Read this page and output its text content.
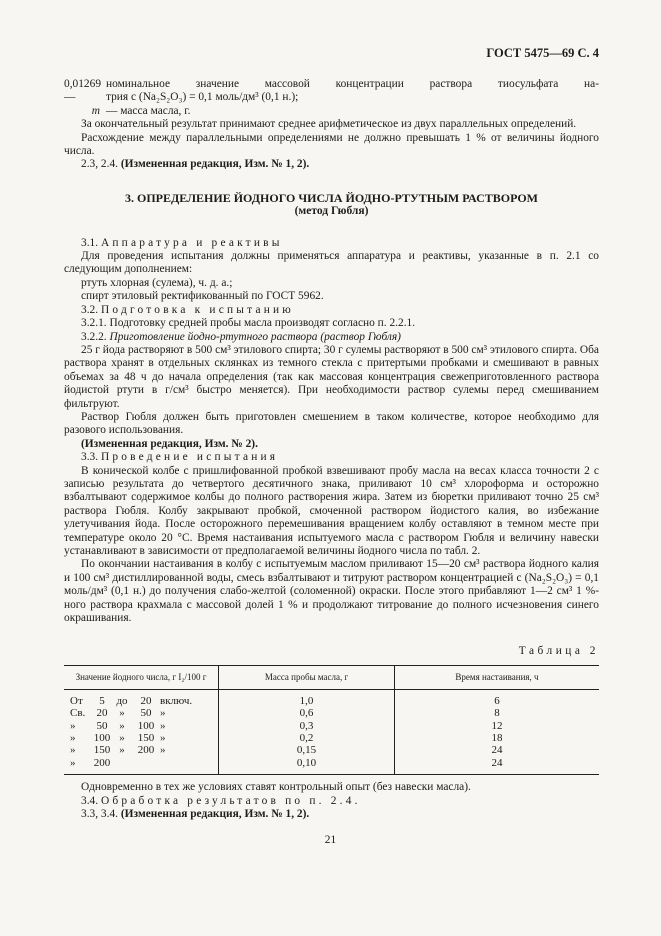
ГОСТ 5475—69 С. 4
0,01269—

номинальное значение массовой концентрации раствора тиосульфата на-

трия с (Na₂S₂O₃) = 0,1 моль/дм³ (0,1 н.);

m — масса масла, г.

За окончательный результат принимают среднее арифметическое из двух параллельных определений.

Расхождение между параллельными определениями не должно превышать 1 % от величины йодного числа.

2.3, 2.4. (Измененная редакция, Изм. № 1, 2).

3. ОПРЕДЕЛЕНИЕ ЙОДНОГО ЧИСЛА ЙОДНО-РТУТНЫМ РАСТВОРОМ
(метод Гюбля)

3.1. Аппаратура и реактивы

Для проведения испытания должны применяться аппаратура и реактивы, указанные в п. 2.1 со следующим дополнением:

ртуть хлорная (сулема), ч. д. а.;

спирт этиловый ректификованный по ГОСТ 5962.

3.2. Подготовка к испытанию

3.2.1. Подготовку средней пробы масла производят согласно п. 2.2.1.

3.2.2. Приготовление йодно-ртутного раствора (раствор Гюбля)

25 г йода растворяют в 500 см³ этилового спирта; 30 г сулемы растворяют в 500 см³ этилового спирта. Оба раствора хранят в отдельных склянках из темного стекла с притертыми пробками и смешивают в равных объемах за 48 ч до начала определения (так как массовая концентрация свежеприготовленного раствора йодистой ртути в г/см³ быстро меняется). При необходимости раствор сулемы перед смешиванием фильтруют.

Раствор Гюбля должен быть приготовлен смешением в таком количестве, которое необходимо для разового использования.

(Измененная редакция, Изм. № 2).

3.3. Проведение испытания

В конической колбе с пришлифованной пробкой взвешивают пробу масла на весах класса точности 2 с записью результата до четвертого десятичного знака, приливают 10 см³ хлороформа и осторожно взбалтывают содержимое колбы до полного растворения жира. Затем из бюретки приливают точно 25 см³ раствора Гюбля. Колбу закрывают пробкой, смоченной раствором йодистого калия, во избежание улетучивания йода. После осторожного перемешивания вращением колбу оставляют в темном месте при температуре около 20 °С. Время настаивания испытуемого масла с раствором Гюбля и величину навески устанавливают в зависимости от предполагаемой величины йодного числа по табл. 2.

По окончании настаивания в колбу с испытуемым маслом приливают 15—20 см³ раствора йодного калия и 100 см³ дистиллированной воды, смесь взбалтывают и титруют раствором концентрацией с (Na₂S₂O₃) = 0,1 моль/дм³ (0,1 н.) до получения слабо-желтой (соломенной) окраски. После этого прибавляют 1—2 см³ 1 %-ного раствора крахмала с массовой долей 1 % и продолжают титрование до полного исчезновения синего окрашивания.

Таблица 2
Значение йодного числа, г I₂/100 г	Масса пробы масла, г	Время настаивания, ч

От 5 до 20 включ.	1,0	6

Св. 20 » 50 »	0,6	8

» 50 » 100 »	0,3	12

» 100 » 150 »	0,2	18

» 150 » 200 »	0,15	24

» 200	0,10	24

Одновременно в тех же условиях ставят контрольный опыт (без навески масла).

3.4. Обработка результатов по п. 2.4.

3.3, 3.4. (Измененная редакция, Изм. № 1, 2).

21
